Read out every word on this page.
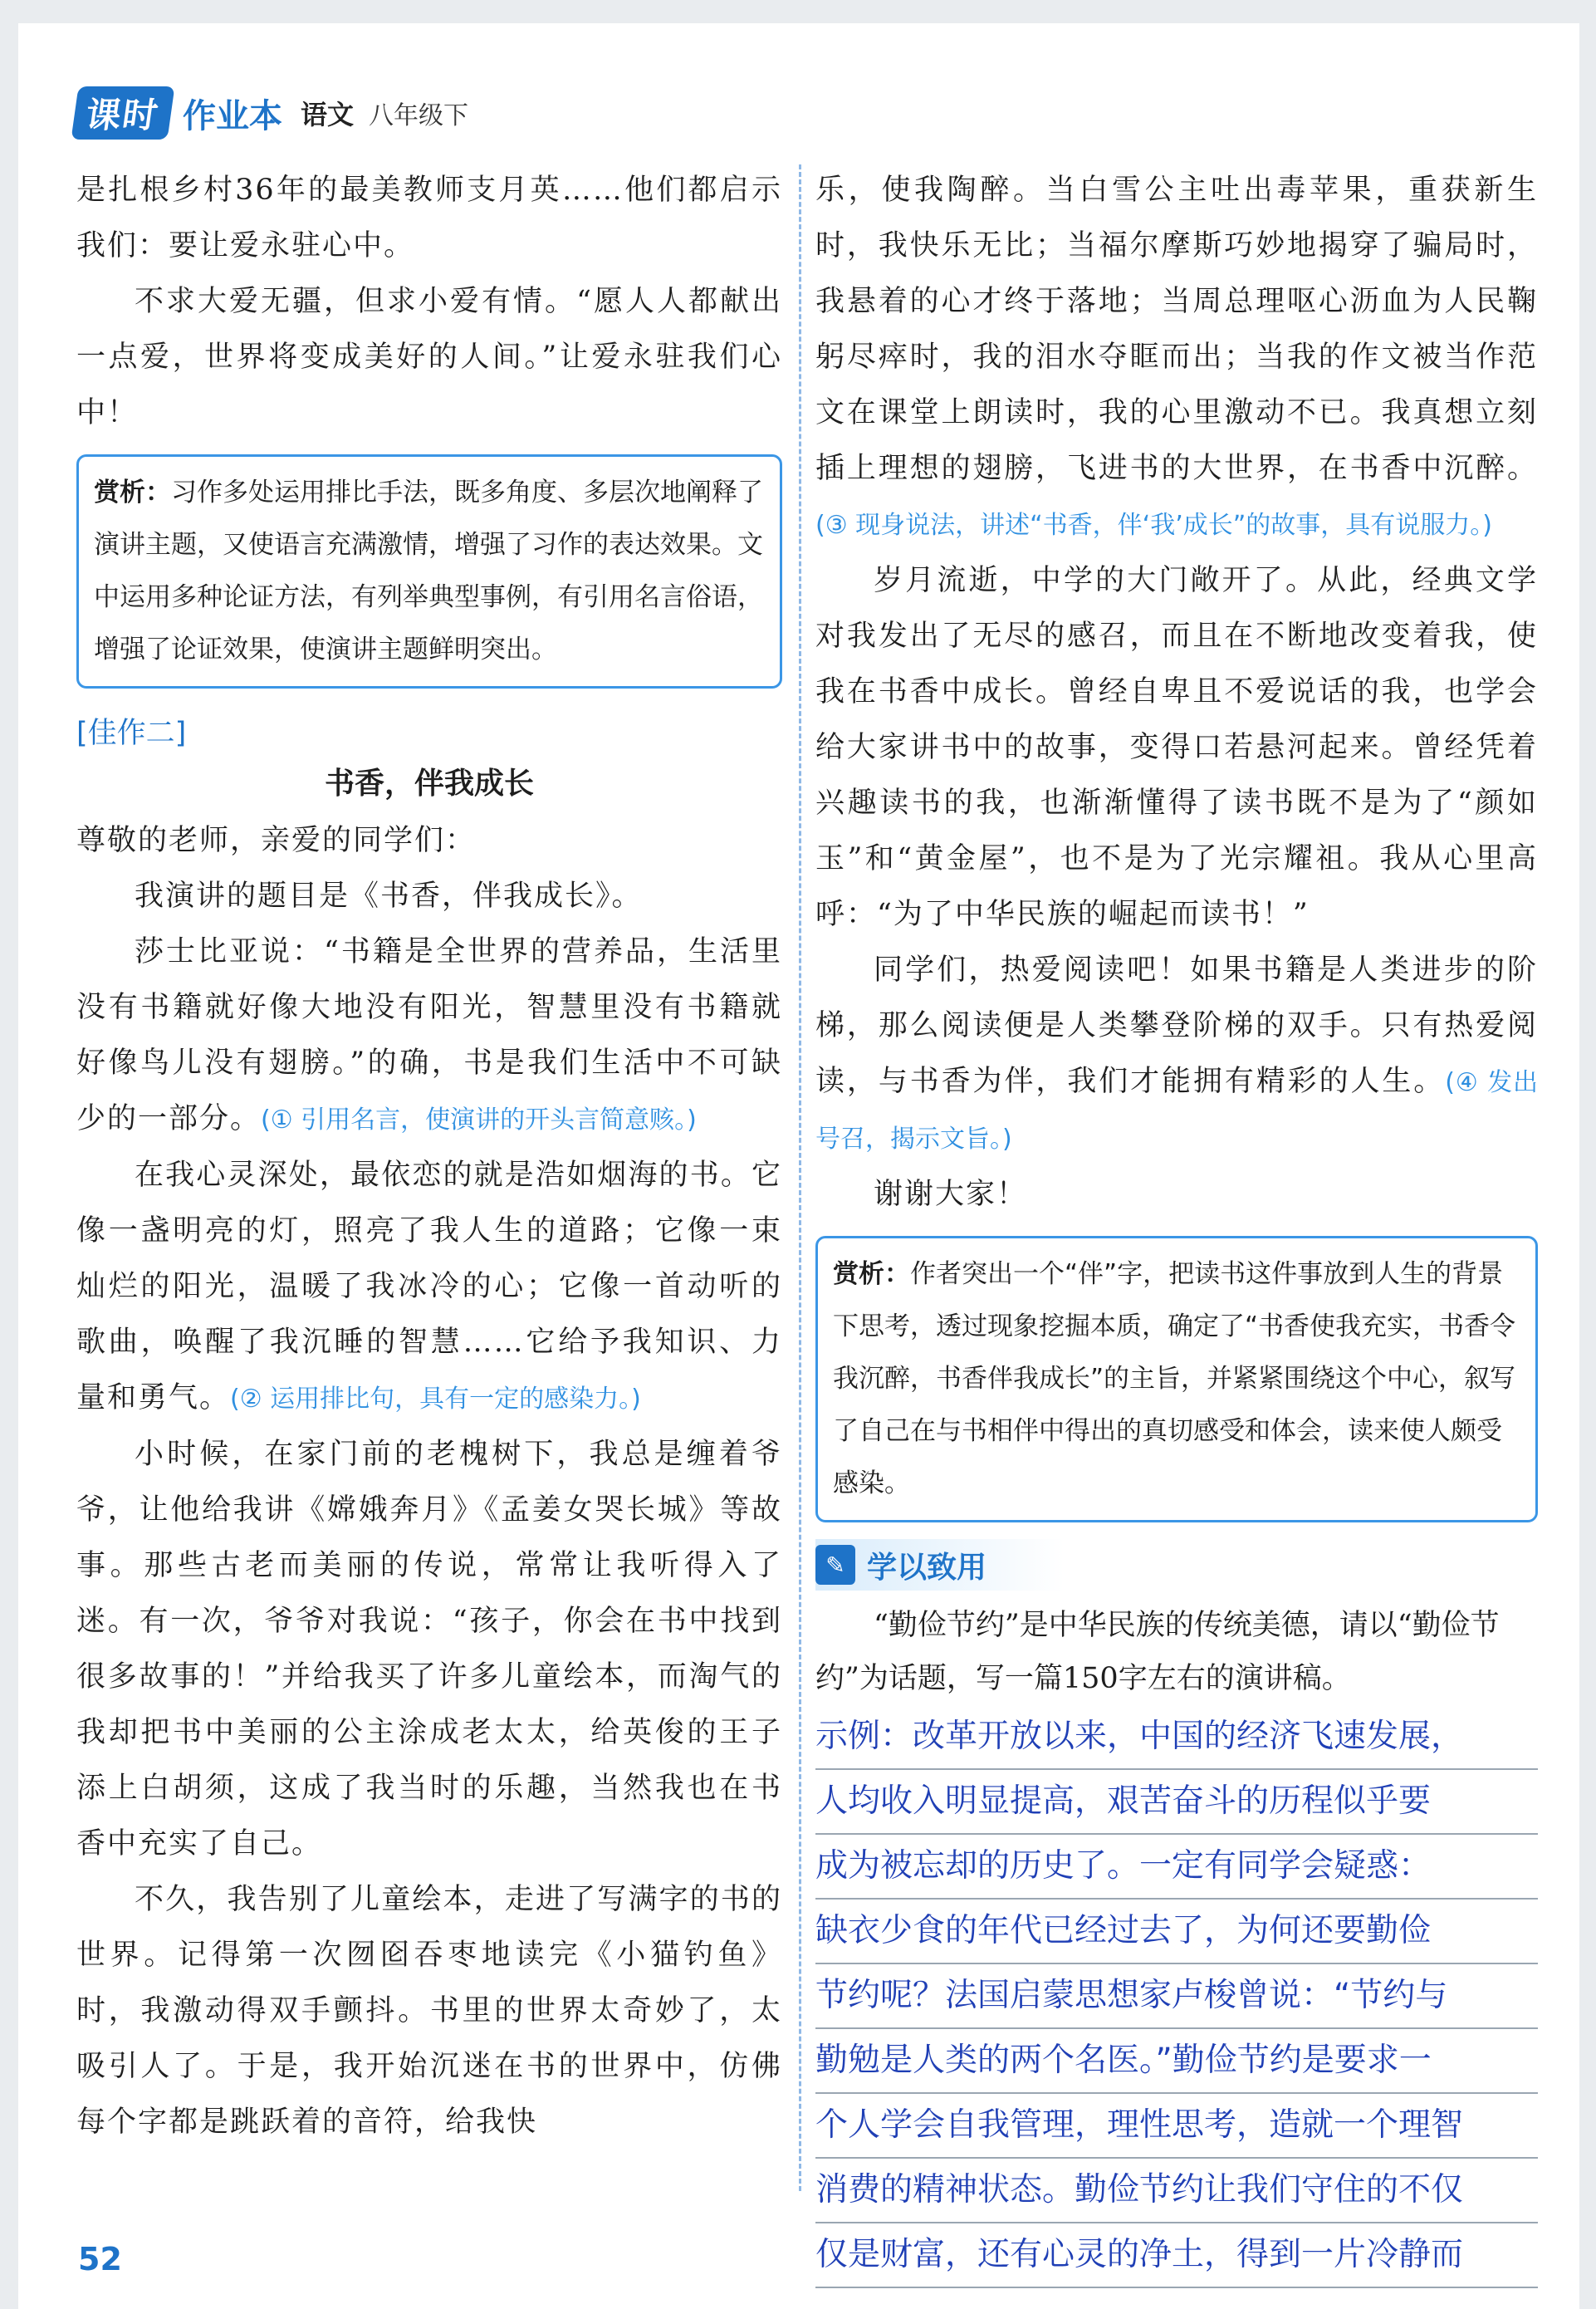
课时 作业本 语文 八年级下

是扎根乡村36年的最美教师支月英……他们都启示我们：要让爱永驻心中。

不求大爱无疆，但求小爱有情。“愿人人都献出一点爱，世界将变成美好的人间。”让爱永驻我们心中！

赏析：习作多处运用排比手法，既多角度、多层次地阐释了演讲主题，又使语言充满激情，增强了习作的表达效果。文中运用多种论证方法，有列举典型事例，有引用名言俗语，增强了论证效果，使演讲主题鲜明突出。
[佳作二]
书香，伴我成长

尊敬的老师，亲爱的同学们：

我演讲的题目是《书香，伴我成长》。

莎士比亚说：“书籍是全世界的营养品，生活里没有书籍就好像大地没有阳光，智慧里没有书籍就好像鸟儿没有翅膀。”的确，书是我们生活中不可缺少的一部分。(① 引用名言，使演讲的开头言简意赅。)

在我心灵深处，最依恋的就是浩如烟海的书。它像一盏明亮的灯，照亮了我人生的道路；它像一束灿烂的阳光，温暖了我冰冷的心；它像一首动听的歌曲，唤醒了我沉睡的智慧……它给予我知识、力量和勇气。(② 运用排比句，具有一定的感染力。)

小时候，在家门前的老槐树下，我总是缠着爷爷，让他给我讲《嫦娥奔月》《孟姜女哭长城》等故事。那些古老而美丽的传说，常常让我听得入了迷。有一次，爷爷对我说：“孩子，你会在书中找到很多故事的！”并给我买了许多儿童绘本，而淘气的我却把书中美丽的公主涂成老太太，给英俊的王子添上白胡须，这成了我当时的乐趣，当然我也在书香中充实了自己。

不久，我告别了儿童绘本，走进了写满字的书的世界。记得第一次囫囵吞枣地读完《小猫钓鱼》时，我激动得双手颤抖。书里的世界太奇妙了，太吸引人了。于是，我开始沉迷在书的世界中，仿佛每个字都是跳跃着的音符，给我快

乐，使我陶醉。当白雪公主吐出毒苹果，重获新生时，我快乐无比；当福尔摩斯巧妙地揭穿了骗局时，我悬着的心才终于落地；当周总理呕心沥血为人民鞠躬尽瘁时，我的泪水夺眶而出；当我的作文被当作范文在课堂上朗读时，我的心里激动不已。我真想立刻插上理想的翅膀，飞进书的大世界，在书香中沉醉。(③ 现身说法，讲述“书香，伴‘我’成长”的故事，具有说服力。)

岁月流逝，中学的大门敞开了。从此，经典文学对我发出了无尽的感召，而且在不断地改变着我，使我在书香中成长。曾经自卑且不爱说话的我，也学会给大家讲书中的故事，变得口若悬河起来。曾经凭着兴趣读书的我，也渐渐懂得了读书既不是为了“颜如玉”和“黄金屋”，也不是为了光宗耀祖。我从心里高呼：“为了中华民族的崛起而读书！”

同学们，热爱阅读吧！如果书籍是人类进步的阶梯，那么阅读便是人类攀登阶梯的双手。只有热爱阅读，与书香为伴，我们才能拥有精彩的人生。(④ 发出号召，揭示文旨。)

谢谢大家！

赏析：作者突出一个“伴”字，把读书这件事放到人生的背景下思考，透过现象挖掘本质，确定了“书香使我充实，书香令我沉醉，书香伴我成长”的主旨，并紧紧围绕这个中心，叙写了自己在与书相伴中得出的真切感受和体会，读来使人颇受感染。
✎ 学以致用

“勤俭节约”是中华民族的传统美德，请以“勤俭节约”为话题，写一篇150字左右的演讲稿。

示例：改革开放以来，中国的经济飞速发展，
人均收入明显提高，艰苦奋斗的历程似乎要
成为被忘却的历史了。一定有同学会疑惑：
缺衣少食的年代已经过去了，为何还要勤俭
节约呢？法国启蒙思想家卢梭曾说：“节约与
勤勉是人类的两个名医。”勤俭节约是要求一
个人学会自我管理，理性思考，造就一个理智
消费的精神状态。勤俭节约让我们守住的不仅
仅是财富，还有心灵的净土，得到一片冷静而
52
